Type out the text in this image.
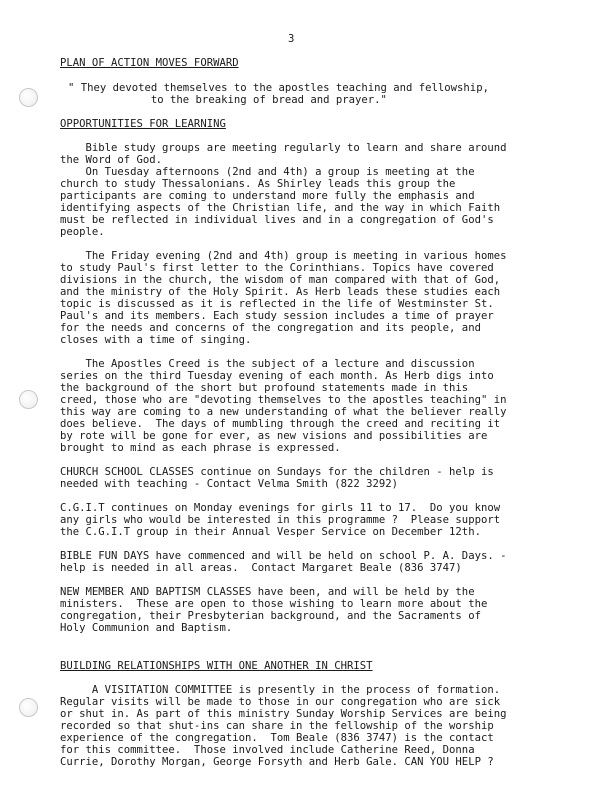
3

PLAN OF ACTION MOVES FORWARD

" They devoted themselves to the apostles teaching and fellowship,

to the breaking of bread and prayer."

OPPORTUNITIES FOR LEARNING

Bible study groups are meeting regularly to learn and share around
the Word of God.
On Tuesday afternoons (2nd and 4th) a group is meeting at the
church to study Thessalonians. As Shirley leads this group the
participants are coming to understand more fully the emphasis and
identifying aspects of the Christian life, and the way in which Faith
must be reflected in individual lives and in a congregation of God's
people.

The Friday evening (2nd and 4th) group is meeting in various homes
to study Paul's first letter to the Corinthians. Topics have covered
divisions in the church, the wisdom of man compared with that of God,
and the ministry of the Holy Spirit. As Herb leads these studies each
topic is discussed as it is reflected in the life of Westminster St.
Paul's and its members. Each study session includes a time of prayer
for the needs and concerns of the congregation and its people, and
closes with a time of singing.

The Apostles Creed is the subject of a lecture and discussion
series on the third Tuesday evening of each month. As Herb digs into
the background of the short but profound statements made in this
creed, those who are "devoting themselves to the apostles teaching" in
this way are coming to a new understanding of what the believer really
does believe.  The days of mumbling through the creed and reciting it
by rote will be gone for ever, as new visions and possibilities are
brought to mind as each phrase is expressed.

CHURCH SCHOOL CLASSES continue on Sundays for the children - help is
needed with teaching - Contact Velma Smith (822 3292)

C.G.I.T continues on Monday evenings for girls 11 to 17.  Do you know
any girls who would be interested in this programme ?  Please support
the C.G.I.T group in their Annual Vesper Service on December 12th.

BIBLE FUN DAYS have commenced and will be held on school P. A. Days. -
help is needed in all areas.  Contact Margaret Beale (836 3747)

NEW MEMBER AND BAPTISM CLASSES have been, and will be held by the
ministers.  These are open to those wishing to learn more about the
congregation, their Presbyterian background, and the Sacraments of
Holy Communion and Baptism.

BUILDING RELATIONSHIPS WITH ONE ANOTHER IN CHRIST

A VISITATION COMMITTEE is presently in the process of formation.
Regular visits will be made to those in our congregation who are sick
or shut in. As part of this ministry Sunday Worship Services are being
recorded so that shut-ins can share in the fellowship of the worship
experience of the congregation.  Tom Beale (836 3747) is the contact
for this committee.  Those involved include Catherine Reed, Donna
Currie, Dorothy Morgan, George Forsyth and Herb Gale. CAN YOU HELP ?
